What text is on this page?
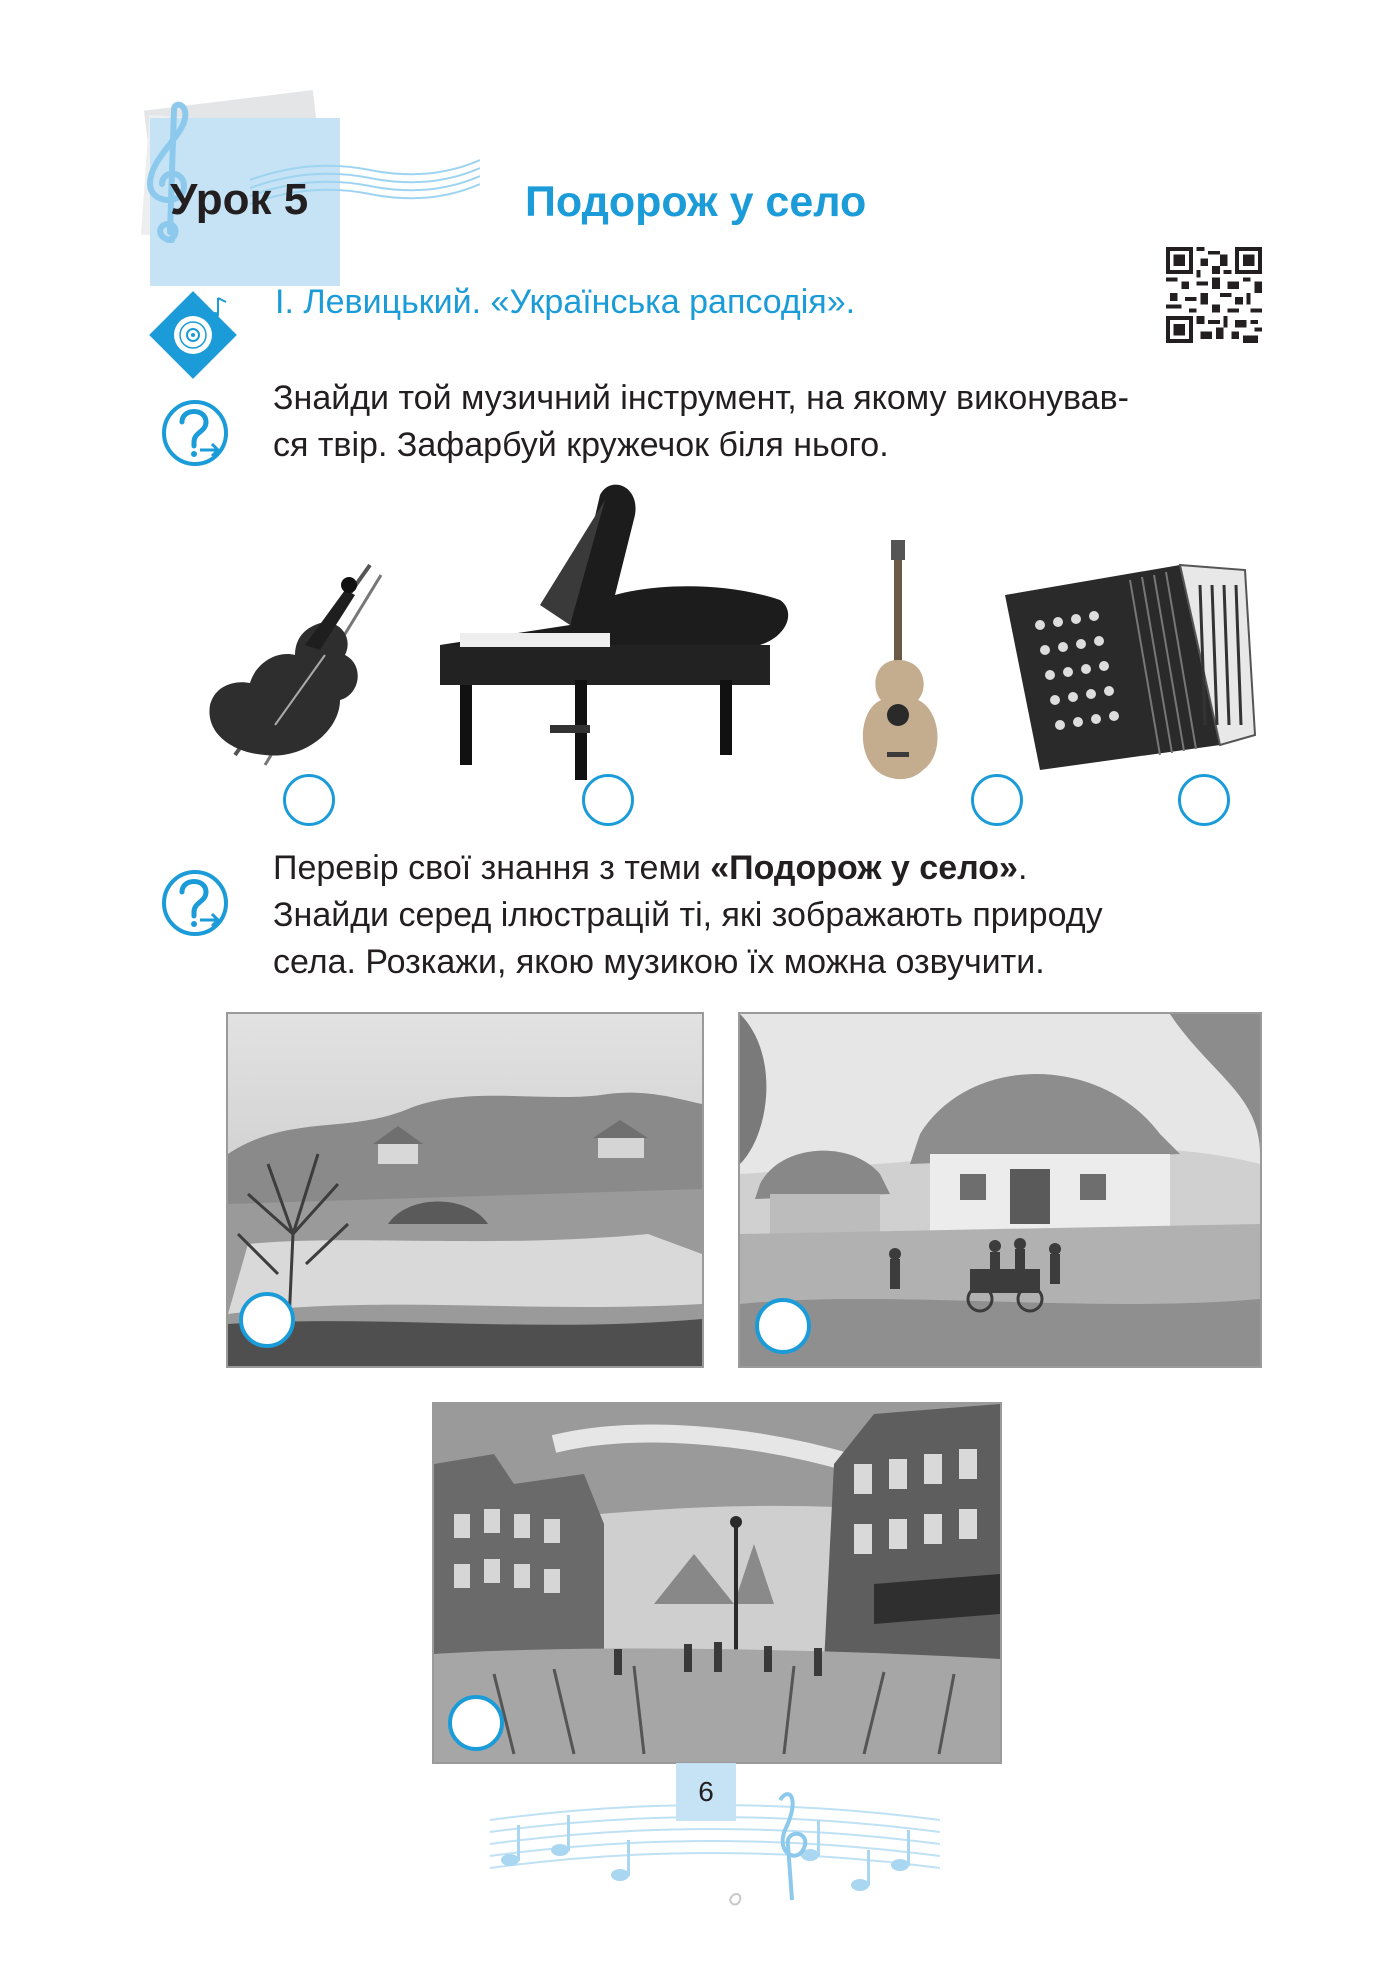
Урок 5	Подорож у село
І. Левицький. «Українська рапсодія».
Знайди той музичний інструмент, на якому виконував-
ся твір. Зафарбуй кружечок біля нього.
Перевір свої знання з теми «Подорож у село».
Знайди серед ілюстрацій ті, які зображають природу
села. Розкажи, якою музикою їх можна озвучити.
6
